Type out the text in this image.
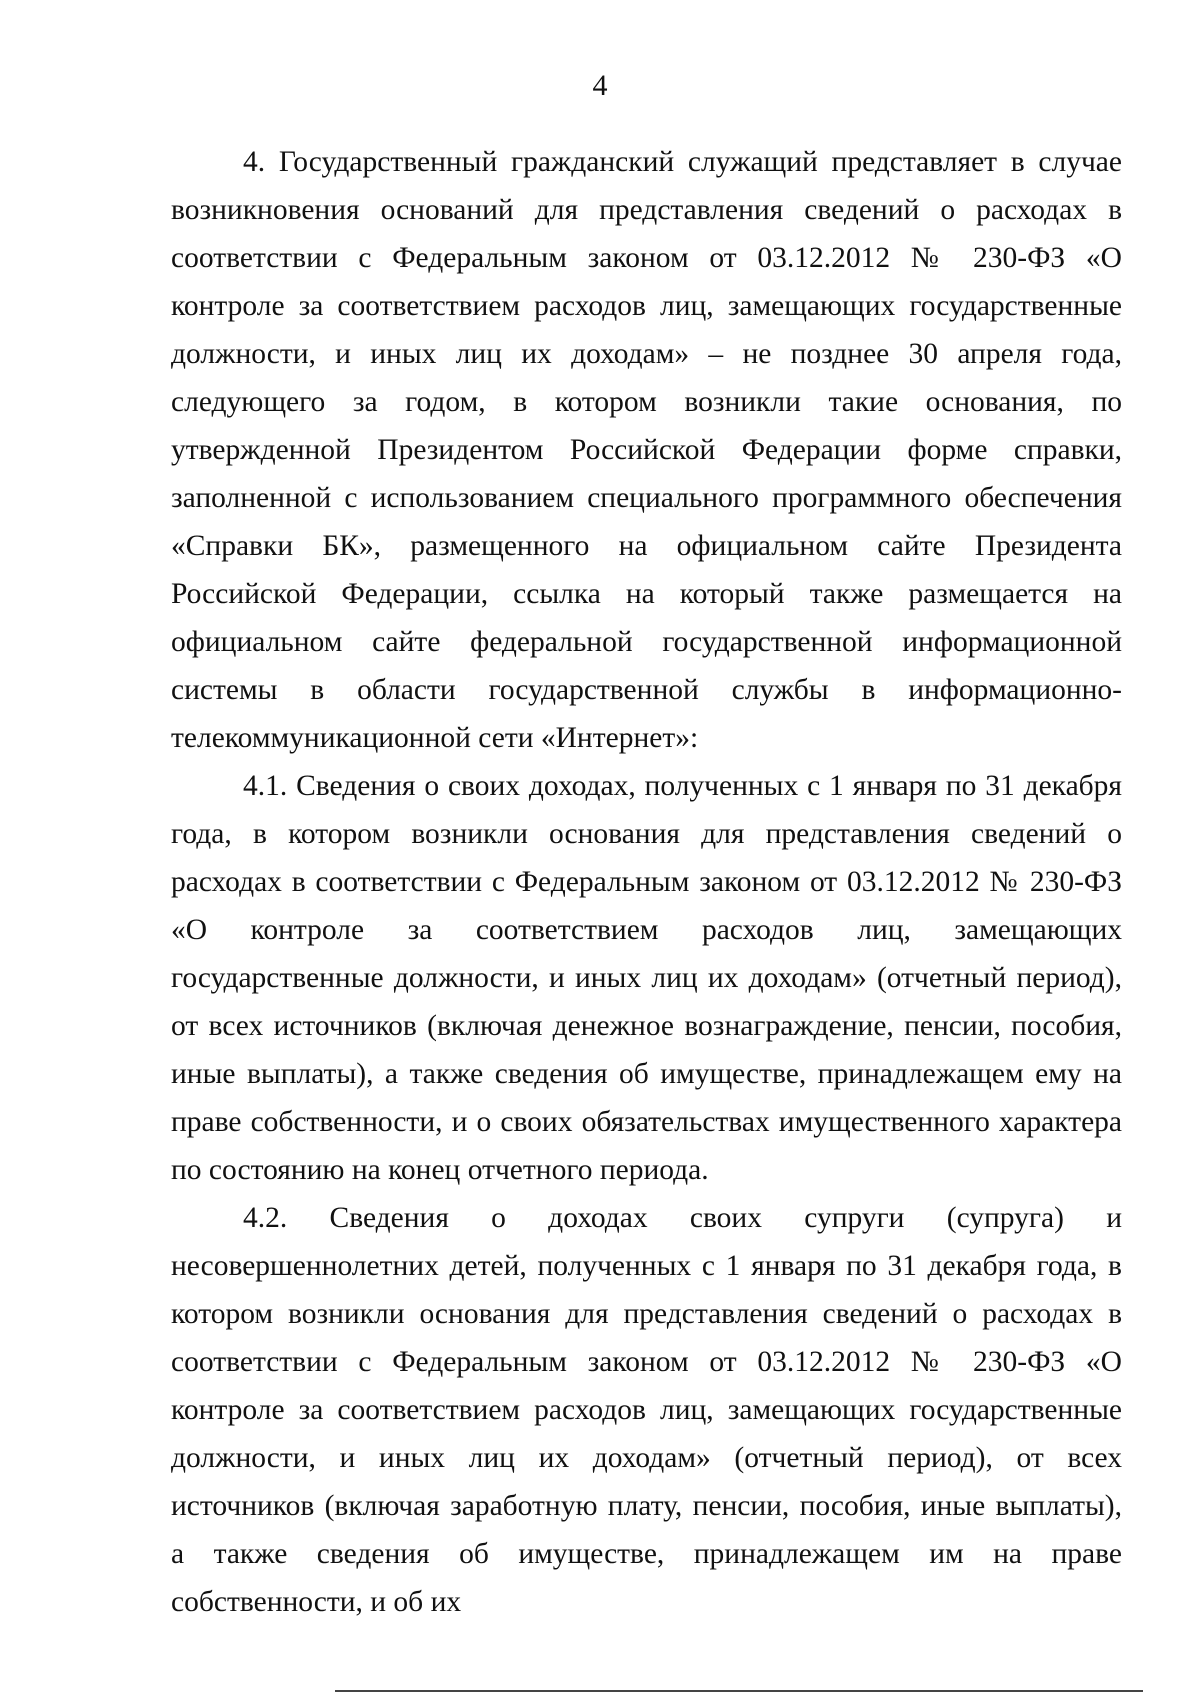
4

4. Государственный гражданский служащий представляет в случае возникновения оснований для представления сведений о расходах в соответствии с Федеральным законом от 03.12.2012 № 230-ФЗ «О контроле за соответствием расходов лиц, замещающих государственные должности, и иных лиц их доходам» – не позднее 30 апреля года, следующего за годом, в котором возникли такие основания, по утвержденной Президентом Российской Федерации форме справки, заполненной с использованием специального программного обеспечения «Справки БК», размещенного на официальном сайте Президента Российской Федерации, ссылка на который также размещается на официальном сайте федеральной государственной информационной системы в области государственной службы в информационно-телекоммуникационной сети «Интернет»:

4.1. Сведения о своих доходах, полученных с 1 января по 31 декабря года, в котором возникли основания для представления сведений о расходах в соответствии с Федеральным законом от 03.12.2012 № 230-ФЗ «О контроле за соответствием расходов лиц, замещающих государственные должности, и иных лиц их доходам» (отчетный период), от всех источников (включая денежное вознаграждение, пенсии, пособия, иные выплаты), а также сведения об имуществе, принадлежащем ему на праве собственности, и о своих обязательствах имущественного характера по состоянию на конец отчетного периода.

4.2. Сведения о доходах своих супруги (супруга) и несовершеннолетних детей, полученных с 1 января по 31 декабря года, в котором возникли основания для представления сведений о расходах в соответствии с Федеральным законом от 03.12.2012 № 230-ФЗ «О контроле за соответствием расходов лиц, замещающих государственные должности, и иных лиц их доходам» (отчетный период), от всех источников (включая заработную плату, пенсии, пособия, иные выплаты), а также сведения об имуществе, принадлежащем им на праве собственности, и об их
